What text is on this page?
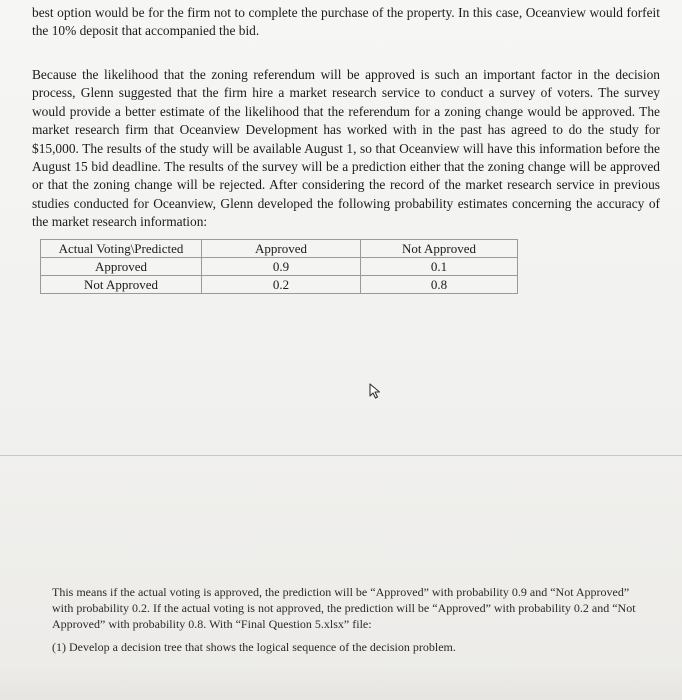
best option would be for the firm not to complete the purchase of the property. In this case, Oceanview would forfeit the 10% deposit that accompanied the bid.

Because the likelihood that the zoning referendum will be approved is such an important factor in the decision process, Glenn suggested that the firm hire a market research service to conduct a survey of voters. The survey would provide a better estimate of the likelihood that the referendum for a zoning change would be approved. The market research firm that Oceanview Development has worked with in the past has agreed to do the study for $15,000. The results of the study will be available August 1, so that Oceanview will have this information before the August 15 bid deadline. The results of the survey will be a prediction either that the zoning change will be approved or that the zoning change will be rejected. After considering the record of the market research service in previous studies conducted for Oceanview, Glenn developed the following probability estimates concerning the accuracy of the market research information:

Actual Voting\Predicted	Approved	Not Approved
Approved	0.9	0.1
Not Approved	0.2	0.8

This means if the actual voting is approved, the prediction will be “Approved” with probability 0.9 and “Not Approved” with probability 0.2. If the actual voting is not approved, the prediction will be “Approved” with probability 0.2 and “Not Approved” with probability 0.8. With “Final Question 5.xlsx” file:

(1) Develop a decision tree that shows the logical sequence of the decision problem.
